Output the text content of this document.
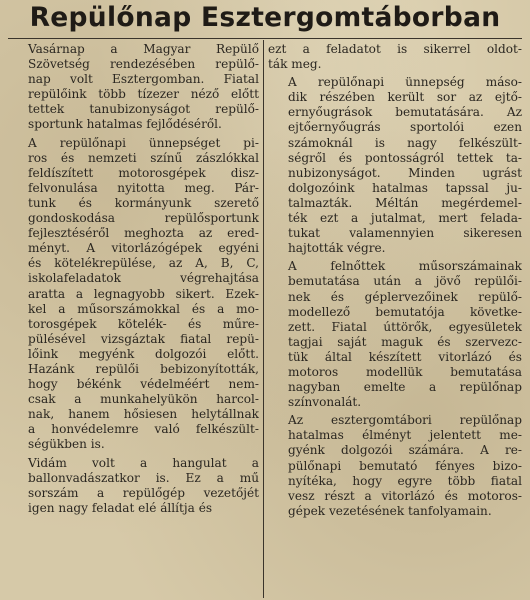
Repülőnap Esztergomtáborban

Vasárnap a Magyar Repülő
Szövetség rendezésében repülő-
nap volt Esztergomban. Fiatal
repülőink több tízezer néző előtt
tettek tanubizonyságot repülő-
sportunk hatalmas fejlődéséről.

A repülőnapi ünnepséget pi-
ros és nemzeti színű zászlókkal
feldíszített motorosgépek disz-
felvonulása nyitotta meg. Pár-
tunk és kormányunk szerető
gondoskodása repülősportunk
fejlesztéséről meghozta az ered-
ményt. A vitorlázógépek egyéni
és kötelékrepülése, az A, B, C,
iskolafeladatok végrehajtása
aratta a legnagyobb sikert. Ezek-
kel a műsorszámokkal és a mo-
torosgépek kötelék- és műre-
pülésével vizsgáztak fiatal repü-
lőink megyénk dolgozói előtt.
Hazánk repülői bebizonyították,
hogy békénk védelméért nem-
csak a munkahelyükön harcol-
nak, hanem hősiesen helytállnak
a honvédelemre való felkészült-
ségükben is.

Vidám volt a hangulat a
ballonvadászatkor is. Ez a mű
sorszám a repülőgép vezetőjét
igen nagy feladat elé állítja és

ezt a feladatot is sikerrel oldot-
ták meg.

A repülőnapi ünnepség máso-
dik részében került sor az ejtő-
ernyőugrások bemutatására. Az
ejtőernyőugrás sportolói ezen
számoknál is nagy felkészült-
ségről és pontosságról tettek ta-
nubizonyságot. Minden ugrást
dolgozóink hatalmas tapssal ju-
talmazták. Méltán megérdemel-
ték ezt a jutalmat, mert felada-
tukat valamennyien sikeresen
hajtották végre.

A felnőttek műsorszámainak
bemutatása után a jövő repülői-
nek és géplervezőinek repülő-
modellező bemutatója követke-
zett. Fiatal úttörők, egyesületek
tagjai saját maguk és szervezc-
tük által készített vitorlázó és
motoros modellük bemutatása
nagyban emelte a repülőnap
színvonalát.

Az esztergomtábori repülőnap
hatalmas élményt jelentett me-
gyénk dolgozói számára. A re-
pülőnapi bemutató fényes bizo-
nyítéka, hogy egyre több fiatal
vesz részt a vitorlázó és motoros-
gépek vezetésének tanfolyamain.
